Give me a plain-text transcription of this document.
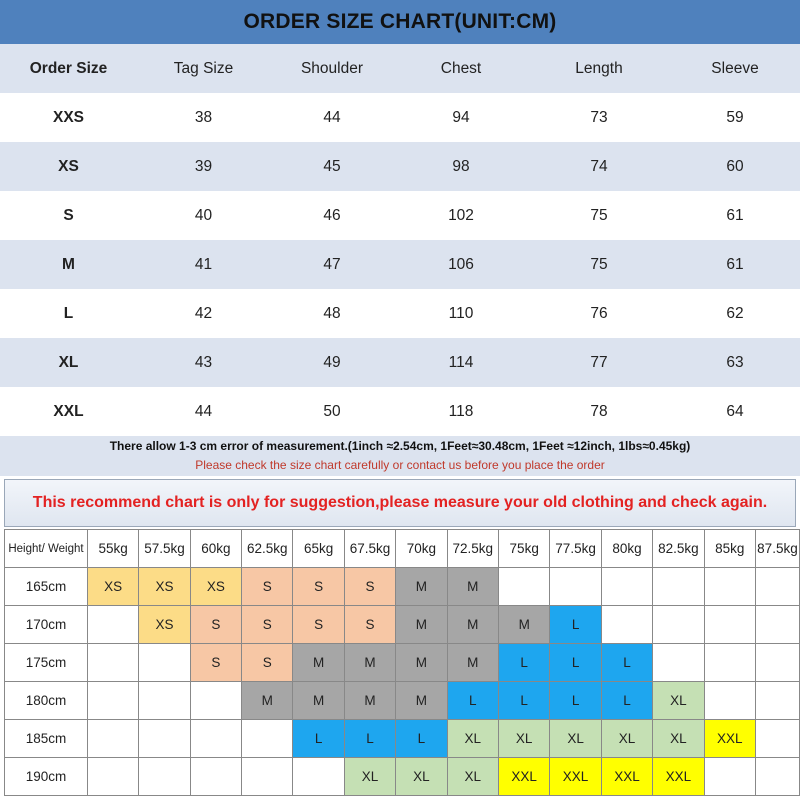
ORDER SIZE CHART(UNIT:CM)
Order Size	Tag Size	Shoulder	Chest	Length	Sleeve
XXS	38	44	94	73	59
XS	39	45	98	74	60
S	40	46	102	75	61
M	41	47	106	75	61
L	42	48	110	76	62
XL	43	49	114	77	63
XXL	44	50	118	78	64
There allow 1-3 cm error of measurement.(1inch ≈2.54cm, 1Feet≈30.48cm, 1Feet ≈12inch, 1lbs≈0.45kg)
Please check the size chart carefully or contact us before you place the order
This recommend chart is only for suggestion,please measure your old clothing and check again.
Height/ Weight	55kg	57.5kg	60kg	62.5kg	65kg	67.5kg	70kg	72.5kg	75kg	77.5kg	80kg	82.5kg	85kg	87.5kg
165cm	XS	XS	XS	S	S	S	M	M						
170cm		XS	S	S	S	S	M	M	M	L				
175cm			S	S	M	M	M	M	L	L	L			
180cm				M	M	M	M	L	L	L	L	XL		
185cm					L	L	L	XL	XL	XL	XL	XL	XXL	
190cm						XL	XL	XL	XXL	XXL	XXL	XXL		
